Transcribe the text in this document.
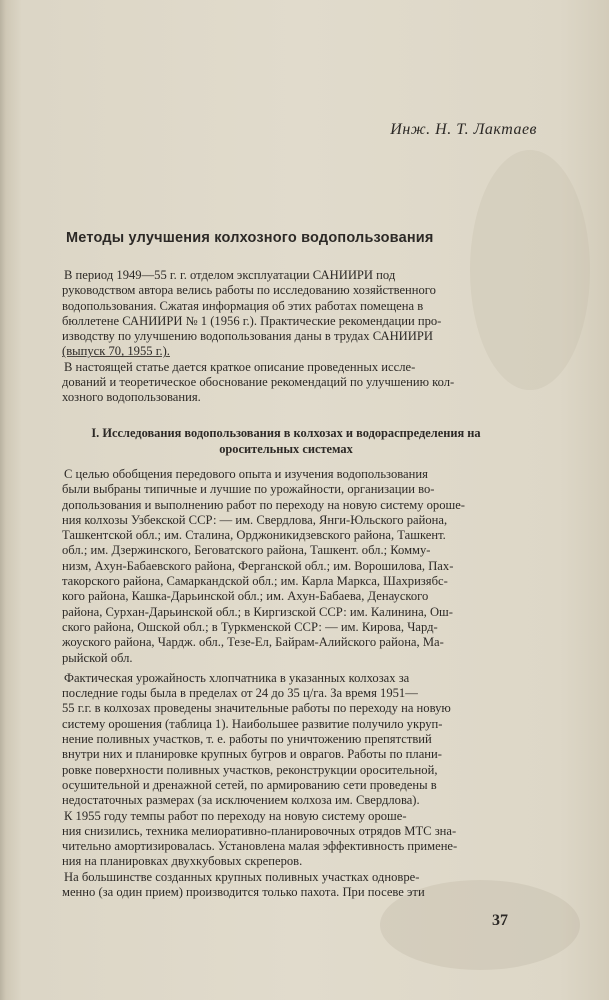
Инж. Н. Т. Лактаев
Методы улучшения колхозного водопользования
В период 1949—55 г. г. отделом эксплуатации САНИИРИ под
руководством автора велись работы по исследованию хозяйственного
водопользования. Сжатая информация об этих работах помещена в
бюллетене САНИИРИ № 1 (1956 г.). Практические рекомендации про-
изводству по улучшению водопользования даны в трудах САНИИРИ
(выпуск 70, 1955 г.).
В настоящей статье дается краткое описание проведенных исслe-
дований и теоретическое обоснование рекомендаций по улучшению кол-
хозного водопользования.
I. Исследования водопользования в колхозах и водораспределения на
оросительных системах
С целью обобщения передового опыта и изучения водопользования
были выбраны типичные и лучшие по урожайности, организации во-
допользования и выполнению работ по переходу на новую систему ороше-
ния колхозы Узбекской ССР: — им. Свердлова, Янги-Юльского района,
Ташкентской обл.; им. Сталина, Орджоникидзевского района, Ташкент.
обл.; им. Дзержинского, Беговатского района, Ташкент. обл.; Комму-
низм, Ахун-Бабаевского района, Ферганской обл.; им. Ворошилова, Пах-
такорского района, Самаркандской обл.; им. Карла Маркса, Шахризябс-
кого района, Кашка-Дарьинской обл.; им. Ахун-Бабаева, Денауского
района, Сурхан-Дарьинской обл.; в Киргизской ССР: им. Калинина, Ош-
ского района, Ошской обл.; в Туркменской ССР: — им. Кирова, Чард-
жоуского района, Чардж. обл., Тезе-Ел, Байрам-Алийского района, Ма-
рыйской обл.
Фактическая урожайность хлопчатника в указанных колхозах за
последние годы была в пределах от 24 до 35 ц/га. За время 1951—
55 г.г. в колхозах проведены значительные работы по переходу на новую
систему орошения (таблица 1). Наибольшее развитие получило укруп-
нение поливных участков, т. е. работы по уничтожению препятствий
внутри них и планировке крупных бугров и оврагов. Работы по плани-
ровке поверхности поливных участков, реконструкции оросительной,
осушительной и дренажной сетей, по армированию сети проведены в
недостаточных размерах (за исключением колхоза им. Свердлова).
К 1955 году темпы работ по переходу на новую систему ороше-
ния снизились, техника мелиоративно-планировочных отрядов МТС зна-
чительно амортизировалась. Установлена малая эффективность примене-
ния на планировках двухкубовых скреперов.
На большинстве созданных крупных поливных участках одновре-
менно (за один прием) производится только пахота. При посеве эти
37
